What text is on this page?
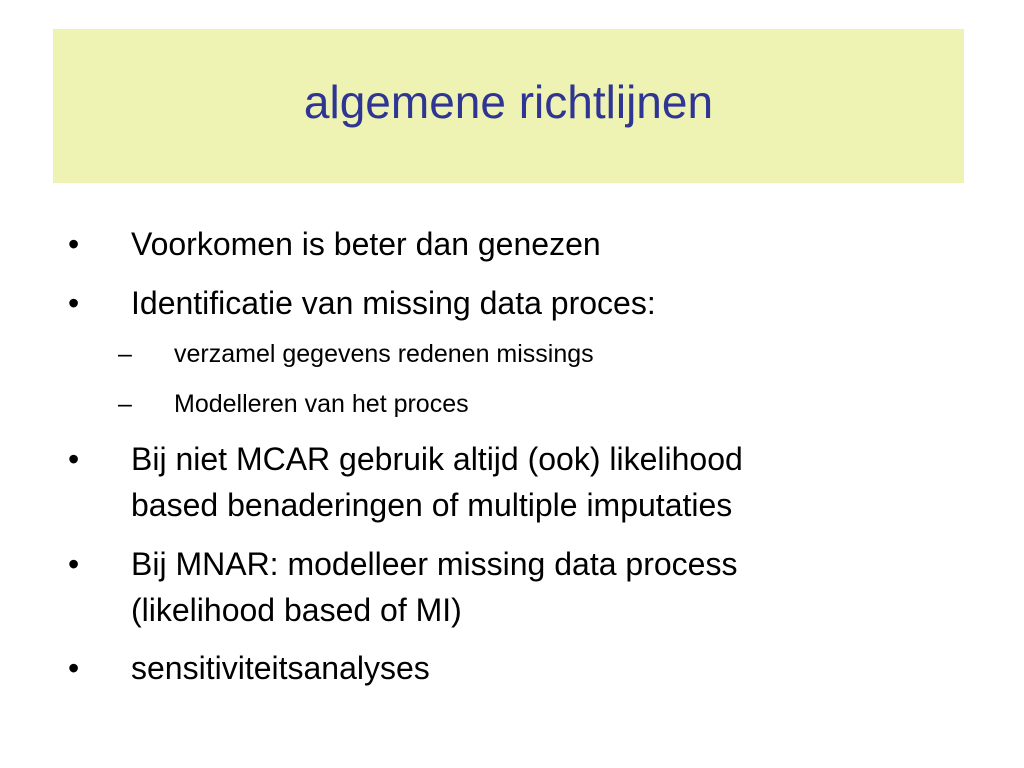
algemene richtlijnen
• Voorkomen is beter dan genezen
• Identificatie van missing data proces:
– verzamel gegevens redenen missings
– Modelleren van het proces
• Bij niet MCAR gebruik altijd (ook) likelihood
based benaderingen of multiple imputaties
• Bij MNAR: modelleer missing data process
(likelihood based of MI)
• sensitiviteitsanalyses
